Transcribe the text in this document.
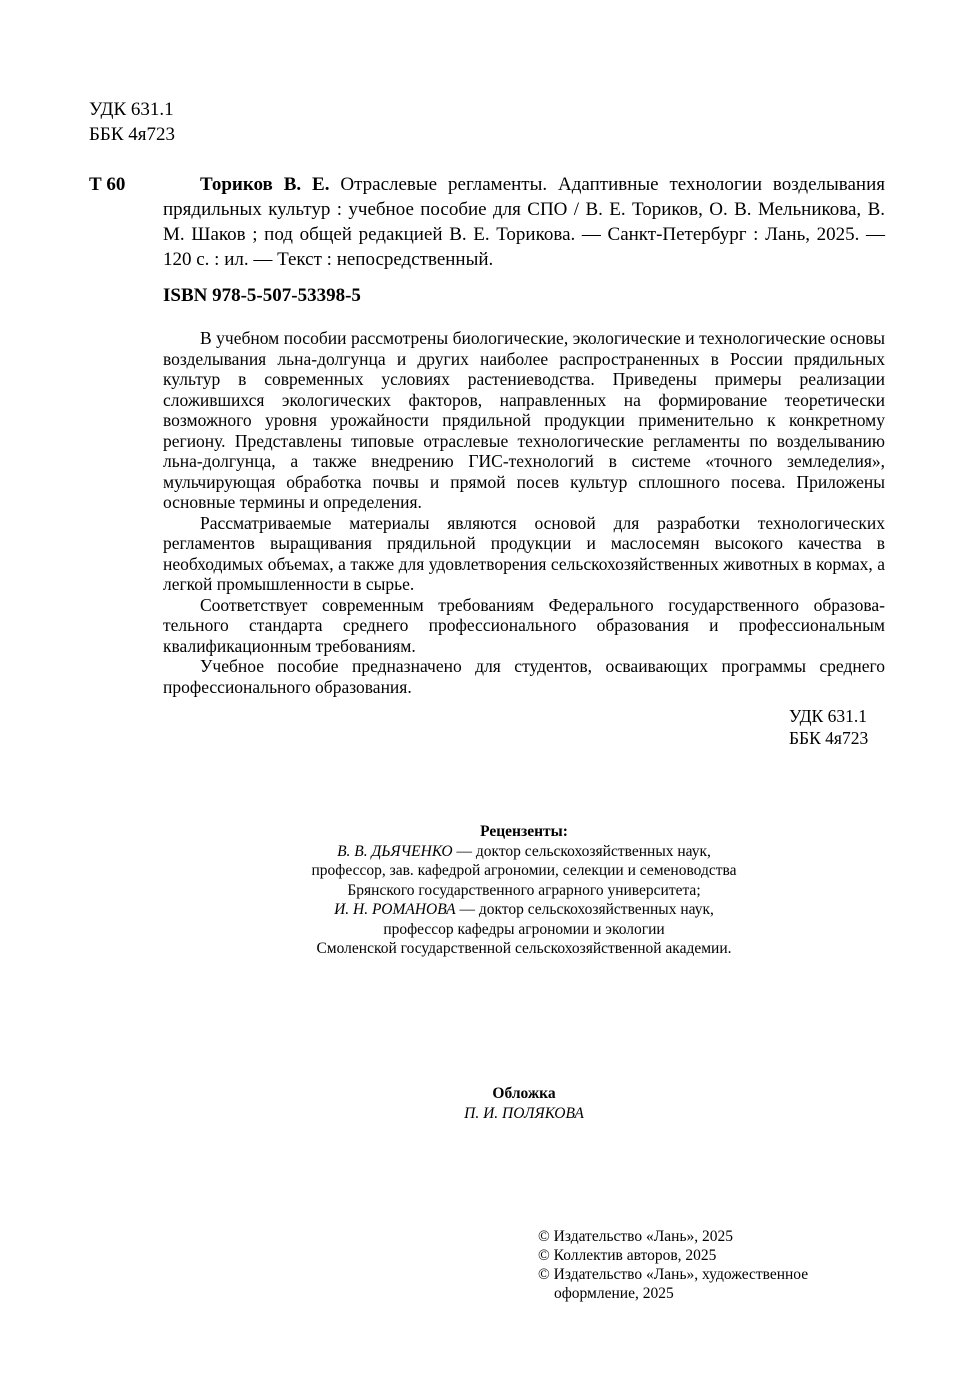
УДК 631.1
ББК 4я723
Т 60	Ториков В. Е. Отраслевые регламенты. Адаптивные технологии возделывания прядильных культур : учебное пособие для СПО / В. Е. Ториков, О. В. Мельникова, В. М. Шаков ; под общей редакцией В. Е. Торикова. — Санкт-Петербург : Лань, 2025. — 120 с. : ил. — Текст : непосредственный.
ISBN 978-5-507-53398-5

В учебном пособии рассмотрены биологические, экологические и технологические основы возделывания льна-долгунца и других наиболее распространенных в России прядильных культур в современных условиях растениеводства. Приведены примеры реализации сложившихся экологических факторов, направленных на формирование теоретически возможного уровня урожайности прядильной продукции применительно к конкретному региону. Представлены типовые отраслевые технологические регламенты по возделыванию льна-долгунца, а также внедрению ГИС-технологий в системе «точного земледелия», мульчирующая обработка почвы и прямой посев культур сплошного посева. Приложены основные термины и определения.

Рассматриваемые материалы являются основой для разработки технологических регламентов выращивания прядильной продукции и маслосемян высокого качества в необходимых объемах, а также для удовлетворения сельскохозяйственных животных в кормах, а легкой промышленности в сырье.

Соответствует современным требованиям Федерального государственного образовательного стандарта среднего профессионального образования и профессиональным квалификационным требованиям.

Учебное пособие предназначено для студентов, осваивающих программы среднего профессионального образования.

УДК 631.1
ББК 4я723
Рецензенты:
В. В. ДЬЯЧЕНКО — доктор сельскохозяйственных наук,
профессор, зав. кафедрой агрономии, селекции и семеноводства
Брянского государственного аграрного университета;
И. Н. РОМАНОВА — доктор сельскохозяйственных наук,
профессор кафедры агрономии и экологии
Смоленской государственной сельскохозяйственной академии.
Обложка
П. И. ПОЛЯКОВА
© Издательство «Лань», 2025
© Коллектив авторов, 2025
© Издательство «Лань», художественное
оформление, 2025
